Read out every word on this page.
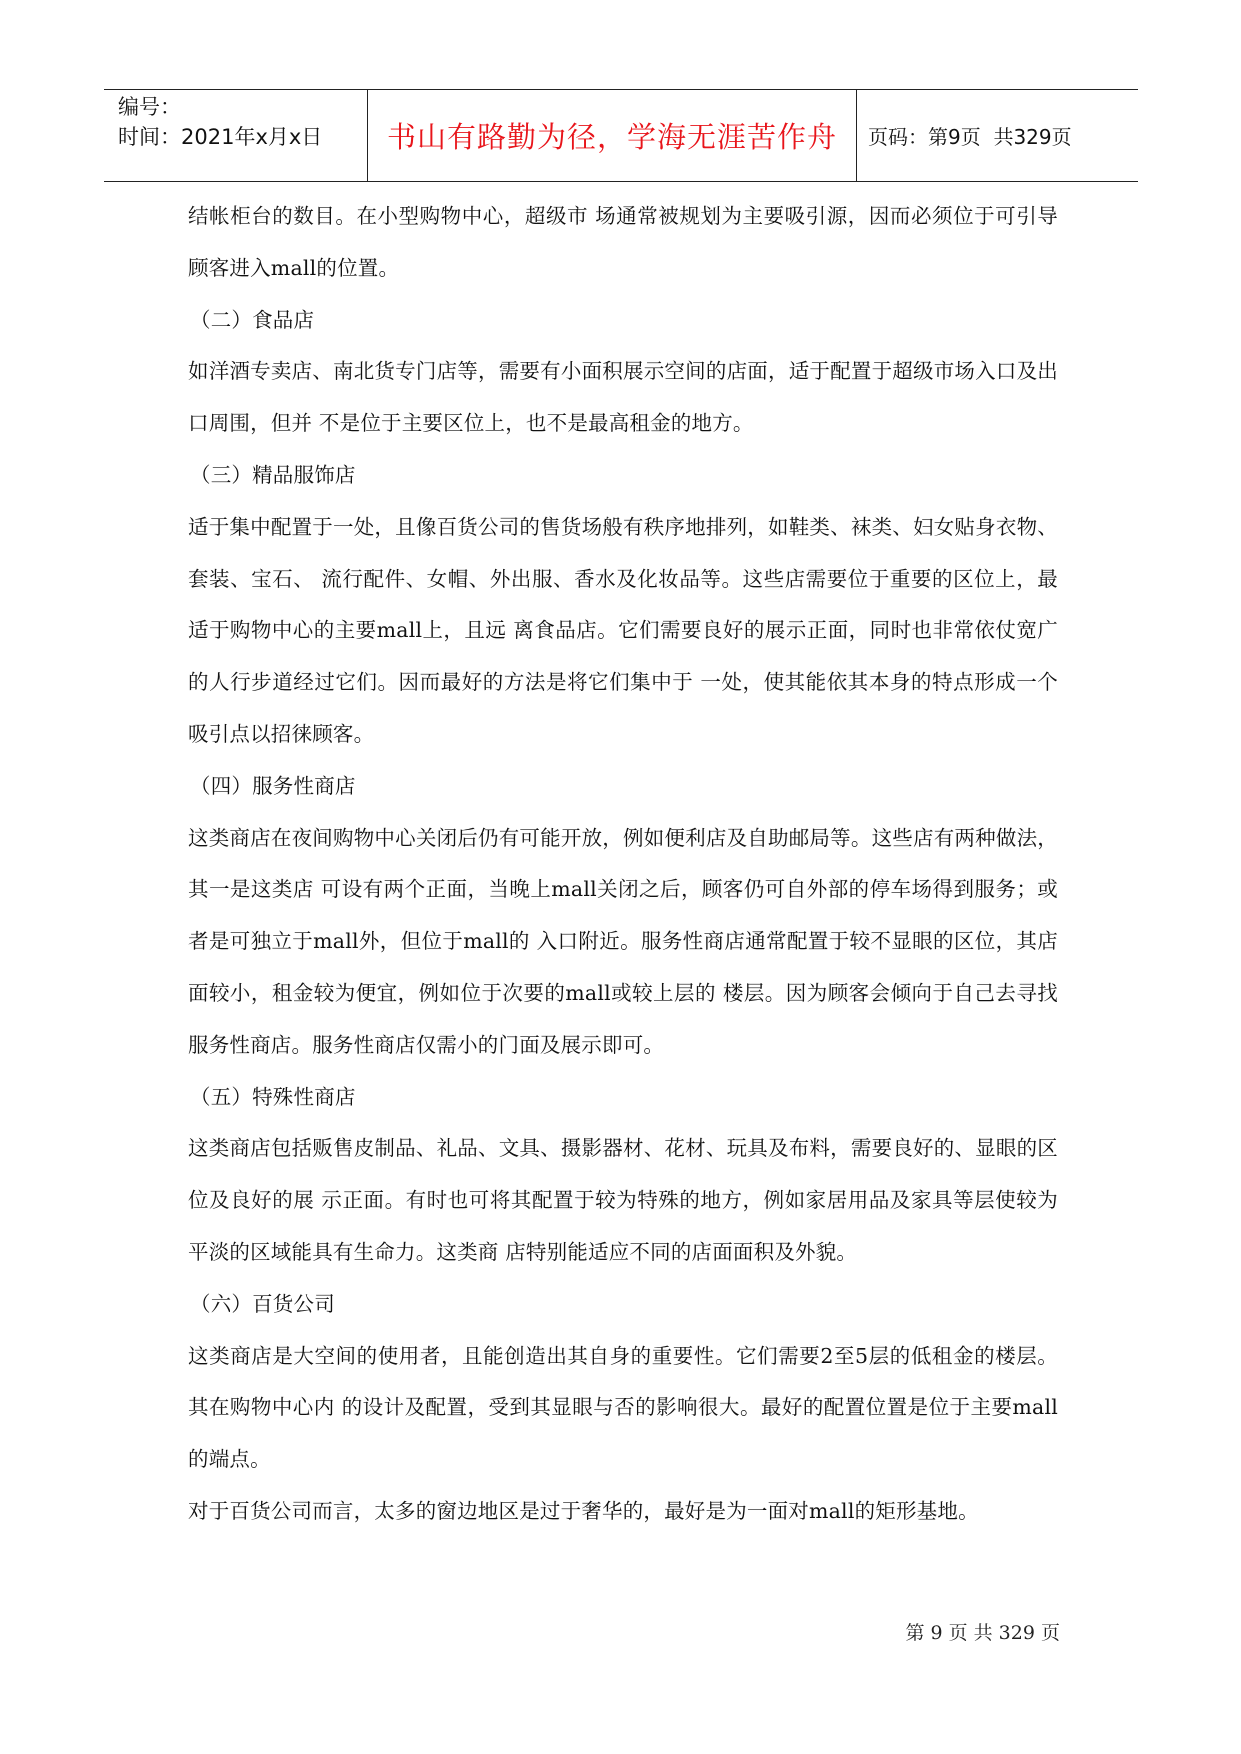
编号：
时间：2021年x月x日	书山有路勤为径，学海无涯苦作舟	页码：第9页  共329页

结帐柜台的数目。在小型购物中心，超级市 场通常被规划为主要吸引源，因而必须位于可引导顾客进入mall的位置。

（二）食品店

如洋酒专卖店、南北货专门店等，需要有小面积展示空间的店面，适于配置于超级市场入口及出口周围，但并 不是位于主要区位上，也不是最高租金的地方。

（三）精品服饰店

适于集中配置于一处，且像百货公司的售货场般有秩序地排列，如鞋类、袜类、妇女贴身衣物、套装、宝石、 流行配件、女帽、外出服、香水及化妆品等。这些店需要位于重要的区位上，最适于购物中心的主要mall上，且远 离食品店。它们需要良好的展示正面，同时也非常依仗宽广的人行步道经过它们。因而最好的方法是将它们集中于 一处，使其能依其本身的特点形成一个吸引点以招徕顾客。

（四）服务性商店

这类商店在夜间购物中心关闭后仍有可能开放，例如便利店及自助邮局等。这些店有两种做法，其一是这类店 可设有两个正面，当晚上mall关闭之后，顾客仍可自外部的停车场得到服务；或者是可独立于mall外，但位于mall的 入口附近。服务性商店通常配置于较不显眼的区位，其店面较小，租金较为便宜，例如位于次要的mall或较上层的 楼层。因为顾客会倾向于自己去寻找服务性商店。服务性商店仅需小的门面及展示即可。

（五）特殊性商店

这类商店包括贩售皮制品、礼品、文具、摄影器材、花材、玩具及布料，需要良好的、显眼的区位及良好的展 示正面。有时也可将其配置于较为特殊的地方，例如家居用品及家具等层使较为平淡的区域能具有生命力。这类商 店特别能适应不同的店面面积及外貌。

（六）百货公司

这类商店是大空间的使用者，且能创造出其自身的重要性。它们需要2至5层的低租金的楼层。其在购物中心内 的设计及配置，受到其显眼与否的影响很大。最好的配置位置是位于主要mall的端点。

对于百货公司而言，太多的窗边地区是过于奢华的，最好是为一面对mall的矩形基地。

第 9 页 共 329 页
